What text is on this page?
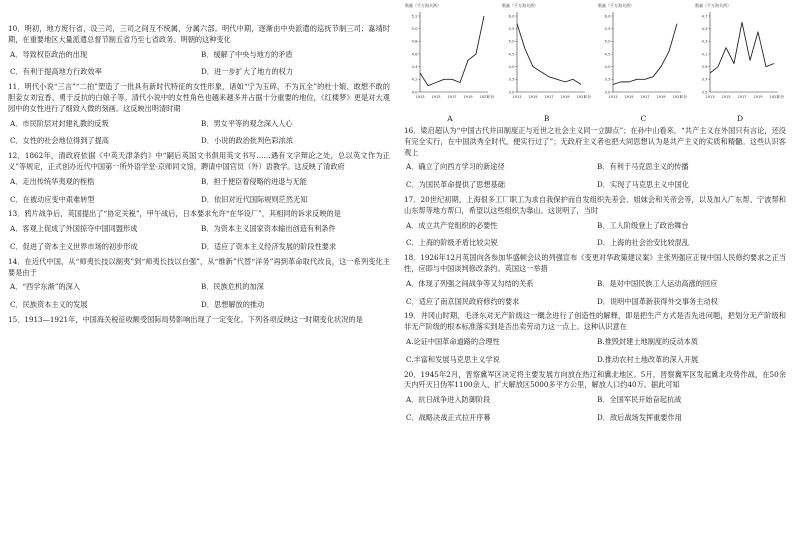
10．明初，地方废行省，设三司，三司之间互不统属，分属六部。明代中期，逐渐由中央派遣的巡抚节制三司；嘉靖时期，在重要地区大量派遣总督节制五省乃至七省政务。明朝的这种变化
A．导致权臣政治的出现	B．缓解了中央与地方的矛盾
C．有利于提高地方行政效率	D．进一步扩大了地方的权力
11．明代小说“三言”“二拍”塑造了一批具有新时代特征的女性形象，诸如“宁为玉碎，不为瓦全”的杜十娘、敢想不敢的胆妾女刘宜香、勇于反抗的白娘子等。清代小说中的女性角色也越来越多并占据十分重要的地位，《红楼梦》更是对大观园中的女性进行了细致入微的刻画。这反映出明清时期
A．市民阶层对封建礼教的反叛	B．男女平等的观念深入人心
C．女性的社会地位得到了提高	D．小说的政治批判色彩浓浓
12．1862年，清政府依据《中英天津条约》中“嗣后英国文书俱用英文书写……遇有文字辩论之处，总以英文作为正义”等规定，正式创办近代中国第一所外语学堂-京师同文馆，聘请中国官员（外）语教学。这反映了清政府
A．走出传统华夷观的桎梏	B．担于便臣着侵略的进退与无能
C．在被动应变中艰难转型	D．依旧对近代国际规则茫然无知
13．鸦片战争后，英国提出了“协定关税”，甲午战后，日本要求允许“在华设厂”，其相同的诉求反映的是
A．客观上促成了外国掠夺中国同盟形成	B．为资本主义国家资本输出创造有利条件
C．促进了资本主义世界市场的初步形成	D．适应了资本主义经济发展的阶段性要求
14．在近代中国，从“师夷长技以制夷”到“师夷长技以自强”，从“维新”代替“洋务”再到革命取代改良，这一系列变化主要是由于
A．“西学东渐”的深入	B．民族危机的加深
C．民族资本主义的发展	D．思想解放的推动
15．1913—1921年，中国海关税征收额受国际局势影响出现了一定变化。下列各项反映这一时期变化状况的是
数量（千万海关两）
4.0
4.2
4.4
4.6
4.8
5.0
5.2
1913 1915 1917 1919 1921
年份
A
数量（千万海关两）
3.0
3.5
4.0
4.5
5.0
5.5
6.0
1913 1915 1917 1919 1921
年份
B
数量（千万海关两）
3.0
3.5
4.0
4.5
5.0
5.5
6.0
1913 1915 1917 1919 1921
年份
C
数量（千万海关两）
3.5
3.7
3.9
4.1
4.3
4.5
4.7
1913 1915 1917 1919 1921
年份
D
16．梁启超认为“中国古代井田制度正与近世之社会主义同一立脚点”；在孙中山看来，“共产主义在外国只有言论，还没有完全实行，在中国洪秀全时代，便实行过了”；无政府主义者也把大同思想认为是共产主义的实质和精髓。这些认识客观上
A．确立了向西方学习的新途径	B．有利于马克思主义的传播
C．为国民革命提供了思想基础	D．实现了马克思主义中国化
17．20世纪初期，上海很多工厂职工为求自我保护而自发组织先差会、姐妹会和关帝会等，以及加入广东帮、宁波帮和山东帮等地方帮口，希望以这些组织为靠山。这说明了，当时
A．成立共产党组织的必要性	B．工人阶级登上了政治舞台
C．上海的阶级矛盾比较尖锐	D．上海的社会治安比较混乱
18．1926年12月英国向各参加华盛顿会议的列强宣布《变更对华政策建议案》主张列强应正视中国人民修约要求之正当性，应即与中国谈判修改条约。英国这一举措
A．体现了列强之间战争等又勾结的关系	B．是对中国民族工人运动高涨的回应
C．适应了南京国民政府修约的要求	D．说明中国革新获得外交事务主动权
19．井冈山时期，毛泽东对无产阶级这一概念进行了创造性的解释，即是把生产方式是否先进问题，把划分无产阶级和非无产阶级的根本标准落实到是否出卖劳动力这一点上。这种认识意在
A.论证中国革命道路的合理性	B.推毁封建土地制度的反动本质
C.丰富和发展马克思主义学说	D.推动农村土地改革的深入开展
20．1945年2月，晋察冀军区决定将主要发展方向放在热辽和冀北地区。5月，晋察冀军区发起冀北攻势作战，在50余天内歼灭日伪军1100余人，扩大解放区5000多平方公里，解放人口约40万。据此可知
A．抗日战争进入防御阶段	B．全国军民开始奋起抗战
C．战略决战正式拉开序幕	D．敌后战场发挥重要作用
